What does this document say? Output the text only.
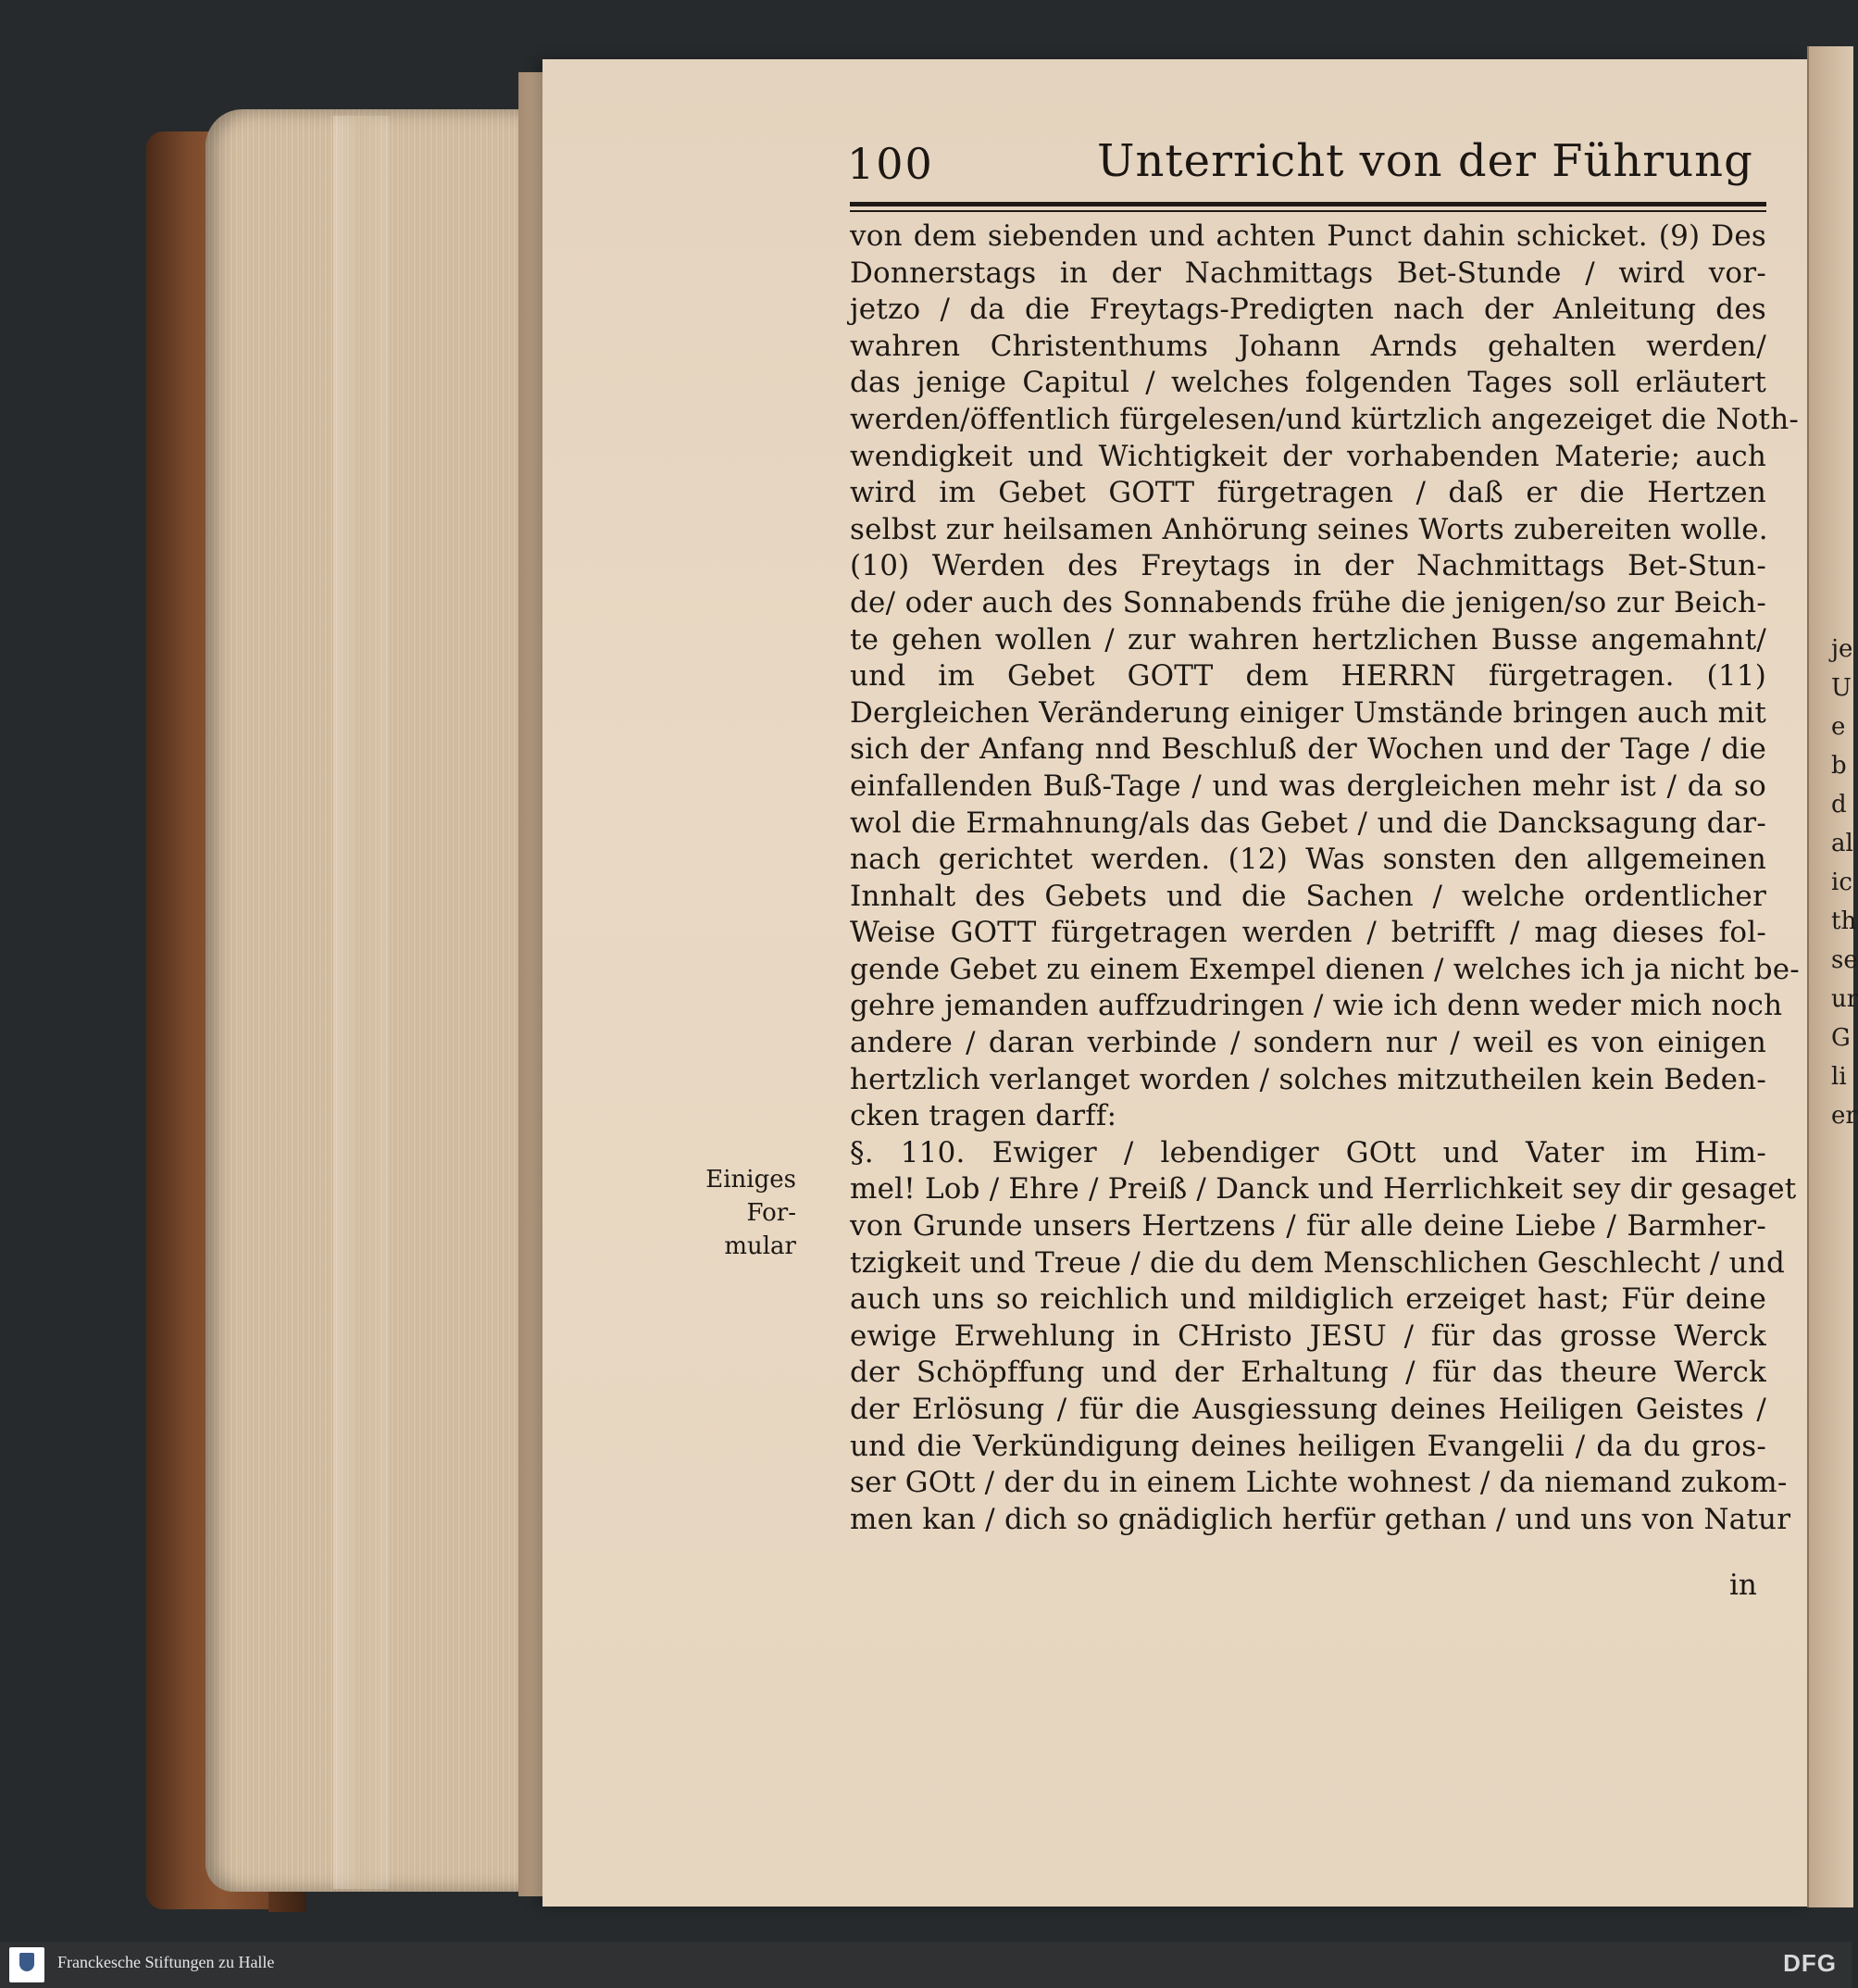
je
U
e
b
d
al
ic
th
se
ur
G
li
er
100	Unterricht von der Führung
von dem siebenden und achten Punct dahin schicket. (9) Des
Donnerstags in der Nachmittags Bet-Stunde / wird vor-
jetzo / da die Freytags-Predigten nach der Anleitung des
wahren Christenthums Johann Arnds gehalten werden/
das jenige Capitul / welches folgenden Tages soll erläutert
werden/öffentlich fürgelesen/und kürtzlich angezeiget die Noth-
wendigkeit und Wichtigkeit der vorhabenden Materie; auch
wird im Gebet GOTT fürgetragen / daß er die Hertzen
selbst zur heilsamen Anhörung seines Worts zubereiten wolle.
(10) Werden des Freytags in der Nachmittags Bet-Stun-
de/ oder auch des Sonnabends frühe die jenigen/so zur Beich-
te gehen wollen / zur wahren hertzlichen Busse angemahnt/
und im Gebet GOTT dem HERRN fürgetragen. (11)
Dergleichen Veränderung einiger Umstände bringen auch mit
sich der Anfang nnd Beschluß der Wochen und der Tage / die
einfallenden Buß-Tage / und was dergleichen mehr ist / da so
wol die Ermahnung/als das Gebet / und die Dancksagung dar-
nach gerichtet werden. (12) Was sonsten den allgemeinen
Innhalt des Gebets und die Sachen / welche ordentlicher
Weise GOTT fürgetragen werden / betrifft / mag dieses fol-
gende Gebet zu einem Exempel dienen / welches ich ja nicht be-
gehre jemanden auffzudringen / wie ich denn weder mich noch
andere / daran verbinde / sondern nur / weil es von einigen
hertzlich verlanget worden / solches mitzutheilen kein Beden-
cken tragen darff:
§. 110. Ewiger / lebendiger GOtt und Vater im Him-
mel! Lob / Ehre / Preiß / Danck und Herrlichkeit sey dir gesaget
von Grunde unsers Hertzens / für alle deine Liebe / Barmher-
tzigkeit und Treue / die du dem Menschlichen Geschlecht / und
auch uns so reichlich und mildiglich erzeiget hast; Für deine
ewige Erwehlung in CHristo JESU / für das grosse Werck
der Schöpffung und der Erhaltung / für das theure Werck
der Erlösung / für die Ausgiessung deines Heiligen Geistes /
und die Verkündigung deines heiligen Evangelii / da du gros-
ser GOtt / der du in einem Lichte wohnest / da niemand zukom-
men kan / dich so gnädiglich herfür gethan / und uns von Natur
Einiges For-
mular
in
Franckesche Stiftungen zu Halle	DFG
